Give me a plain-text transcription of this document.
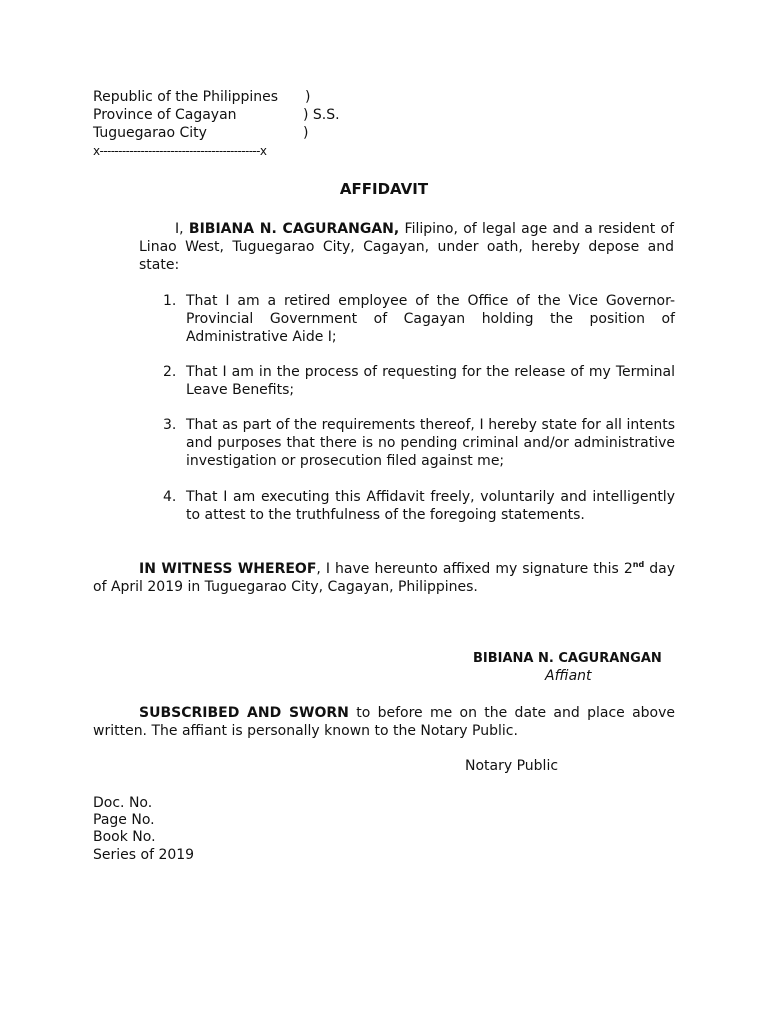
Republic of the Philippines )
Province of Cagayan	) S.S.
Tuguegarao City	)
x-------------------------------------------x
AFFIDAVIT
I, BIBIANA N. CAGURANGAN, Filipino, of legal age and a resident of Linao West, Tuguegarao City, Cagayan, under oath, hereby depose and state:
1. That I am a retired employee of the Office of the Vice Governor-Provincial Government of Cagayan holding the position of Administrative Aide I;
2. That I am in the process of requesting for the release of my Terminal Leave Benefits;
3. That as part of the requirements thereof, I hereby state for all intents and purposes that there is no pending criminal and/or administrative investigation or prosecution filed against me;
4. That I am executing this Affidavit freely, voluntarily and intelligently to attest to the truthfulness of the foregoing statements.
IN WITNESS WHEREOF, I have hereunto affixed my signature this 2nd day of April 2019 in Tuguegarao City, Cagayan, Philippines.
BIBIANA N. CAGURANGAN
Affiant
SUBSCRIBED AND SWORN to before me on the date and place above written. The affiant is personally known to the Notary Public.
Notary Public
Doc. No.
Page No.
Book No.
Series of 2019
